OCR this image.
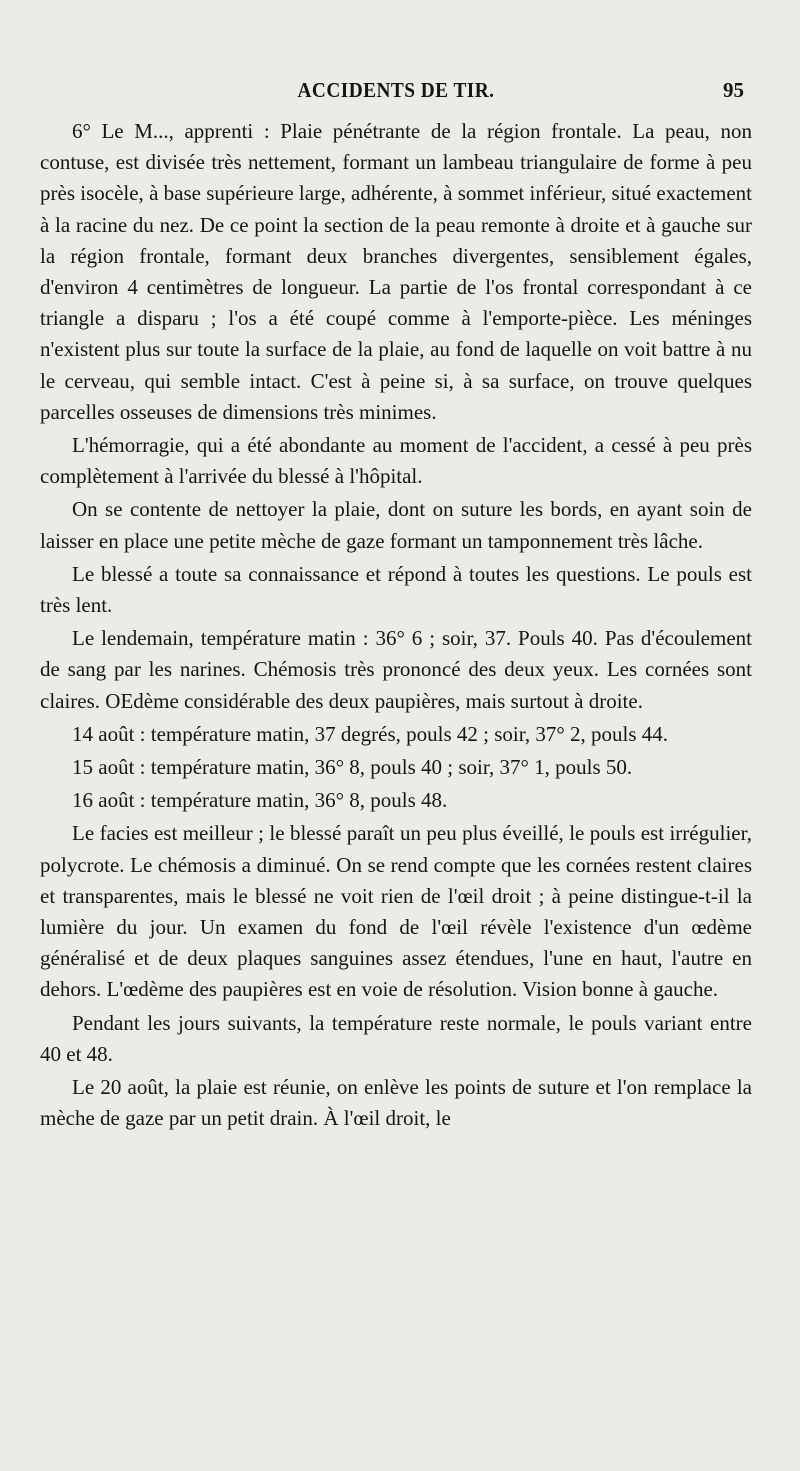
ACCIDENTS DE TIR.	95

6° Le M..., apprenti : Plaie pénétrante de la région frontale. La peau, non contuse, est divisée très nettement, formant un lambeau triangulaire de forme à peu près isocèle, à base supérieure large, adhérente, à sommet inférieur, situé exactement à la racine du nez. De ce point la section de la peau remonte à droite et à gauche sur la région frontale, formant deux branches divergentes, sensiblement égales, d'environ 4 centimètres de longueur. La partie de l'os frontal correspondant à ce triangle a disparu ; l'os a été coupé comme à l'emporte-pièce. Les méninges n'existent plus sur toute la surface de la plaie, au fond de laquelle on voit battre à nu le cerveau, qui semble intact. C'est à peine si, à sa surface, on trouve quelques parcelles osseuses de dimensions très minimes.

L'hémorragie, qui a été abondante au moment de l'accident, a cessé à peu près complètement à l'arrivée du blessé à l'hôpital.

On se contente de nettoyer la plaie, dont on suture les bords, en ayant soin de laisser en place une petite mèche de gaze formant un tamponnement très lâche.

Le blessé a toute sa connaissance et répond à toutes les questions. Le pouls est très lent.

Le lendemain, température matin : 36° 6 ; soir, 37. Pouls 40. Pas d'écoulement de sang par les narines. Chémosis très prononcé des deux yeux. Les cornées sont claires. OEdème considérable des deux paupières, mais surtout à droite.

14 août : température matin, 37 degrés, pouls 42 ; soir, 37° 2, pouls 44.

15 août : température matin, 36° 8, pouls 40 ; soir, 37° 1, pouls 50.

16 août : température matin, 36° 8, pouls 48.

Le facies est meilleur ; le blessé paraît un peu plus éveillé, le pouls est irrégulier, polycrote. Le chémosis a diminué. On se rend compte que les cornées restent claires et transparentes, mais le blessé ne voit rien de l'œil droit ; à peine distingue-t-il la lumière du jour. Un examen du fond de l'œil révèle l'existence d'un œdème généralisé et de deux plaques sanguines assez étendues, l'une en haut, l'autre en dehors. L'œdème des paupières est en voie de résolution. Vision bonne à gauche.

Pendant les jours suivants, la température reste normale, le pouls variant entre 40 et 48.

Le 20 août, la plaie est réunie, on enlève les points de suture et l'on remplace la mèche de gaze par un petit drain. À l'œil droit, le
